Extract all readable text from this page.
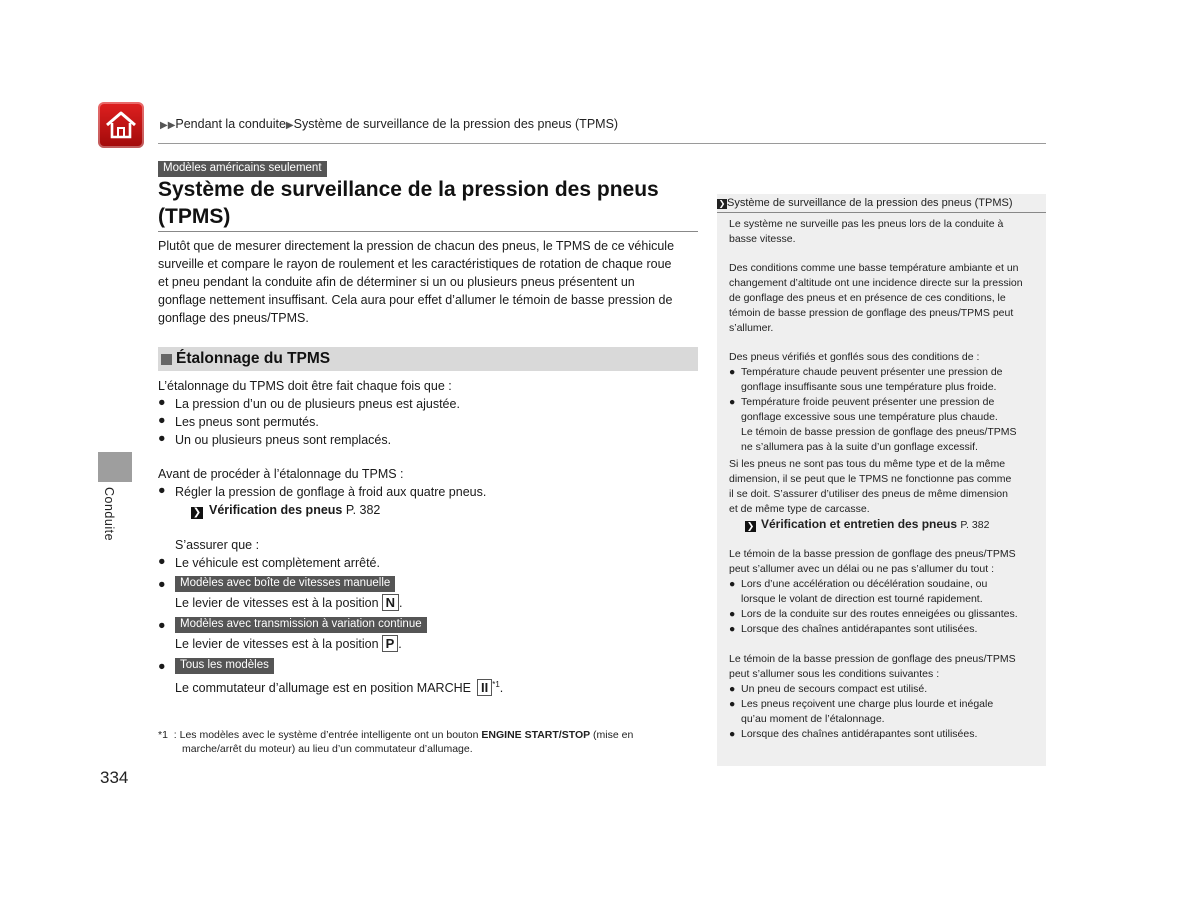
▶▶Pendant la conduite▶Système de surveillance de la pression des pneus (TPMS)
Modèles américains seulement
Système de surveillance de la pression des pneus
(TPMS)
Plutôt que de mesurer directement la pression de chacun des pneus, le TPMS de ce véhicule
surveille et compare le rayon de roulement et les caractéristiques de rotation de chaque roue
et pneu pendant la conduite afin de déterminer si un ou plusieurs pneus présentent un
gonflage nettement insuffisant. Cela aura pour effet d’allumer le témoin de basse pression de
gonflage des pneus/TPMS.
Étalonnage du TPMS
L’étalonnage du TPMS doit être fait chaque fois que :
● La pression d’un ou de plusieurs pneus est ajustée.
● Les pneus sont permutés.
● Un ou plusieurs pneus sont remplacés.
Avant de procéder à l’étalonnage du TPMS :
● Régler la pression de gonflage à froid aux quatre pneus.
❯ Vérification des pneus P. 382
S’assurer que :
● Le véhicule est complètement arrêté.
●	Modèles avec boîte de vitesses manuelle
Le levier de vitesses est à la position N .
●	Modèles avec transmission à variation continue
Le levier de vitesses est à la position P .
●	Tous les modèles
Le commutateur d’allumage est en position MARCHE II $^{*1}$.
*1 : Les modèles avec le système d’entrée intelligente ont un bouton ENGINE START/STOP (mise en
marche/arrêt du moteur) au lieu d’un commutateur d’allumage.
334
Conduite
❯ Système de surveillance de la pression des pneus (TPMS)
Le système ne surveille pas les pneus lors de la conduite à
basse vitesse.
Des conditions comme une basse température ambiante et un
changement d’altitude ont une incidence directe sur la pression
de gonflage des pneus et en présence de ces conditions, le
témoin de basse pression de gonflage des pneus/TPMS peut
s’allumer.
Des pneus vérifiés et gonflés sous des conditions de :
● Température chaude peuvent présenter une pression de
gonflage insuffisante sous une température plus froide.
● Température froide peuvent présenter une pression de
gonflage excessive sous une température plus chaude.
Le témoin de basse pression de gonflage des pneus/TPMS
ne s’allumera pas à la suite d’un gonflage excessif.
Si les pneus ne sont pas tous du même type et de la même
dimension, il se peut que le TPMS ne fonctionne pas comme
il se doit. S’assurer d’utiliser des pneus de même dimension
et de même type de carcasse.
❯ Vérification et entretien des pneus P. 382
Le témoin de la basse pression de gonflage des pneus/TPMS
peut s’allumer avec un délai ou ne pas s’allumer du tout :
● Lors d’une accélération ou décélération soudaine, ou
lorsque le volant de direction est tourné rapidement.
● Lors de la conduite sur des routes enneigées ou glissantes.
● Lorsque des chaînes antidérapantes sont utilisées.
Le témoin de la basse pression de gonflage des pneus/TPMS
peut s’allumer sous les conditions suivantes :
● Un pneu de secours compact est utilisé.
● Les pneus reçoivent une charge plus lourde et inégale
qu’au moment de l’étalonnage.
● Lorsque des chaînes antidérapantes sont utilisées.
